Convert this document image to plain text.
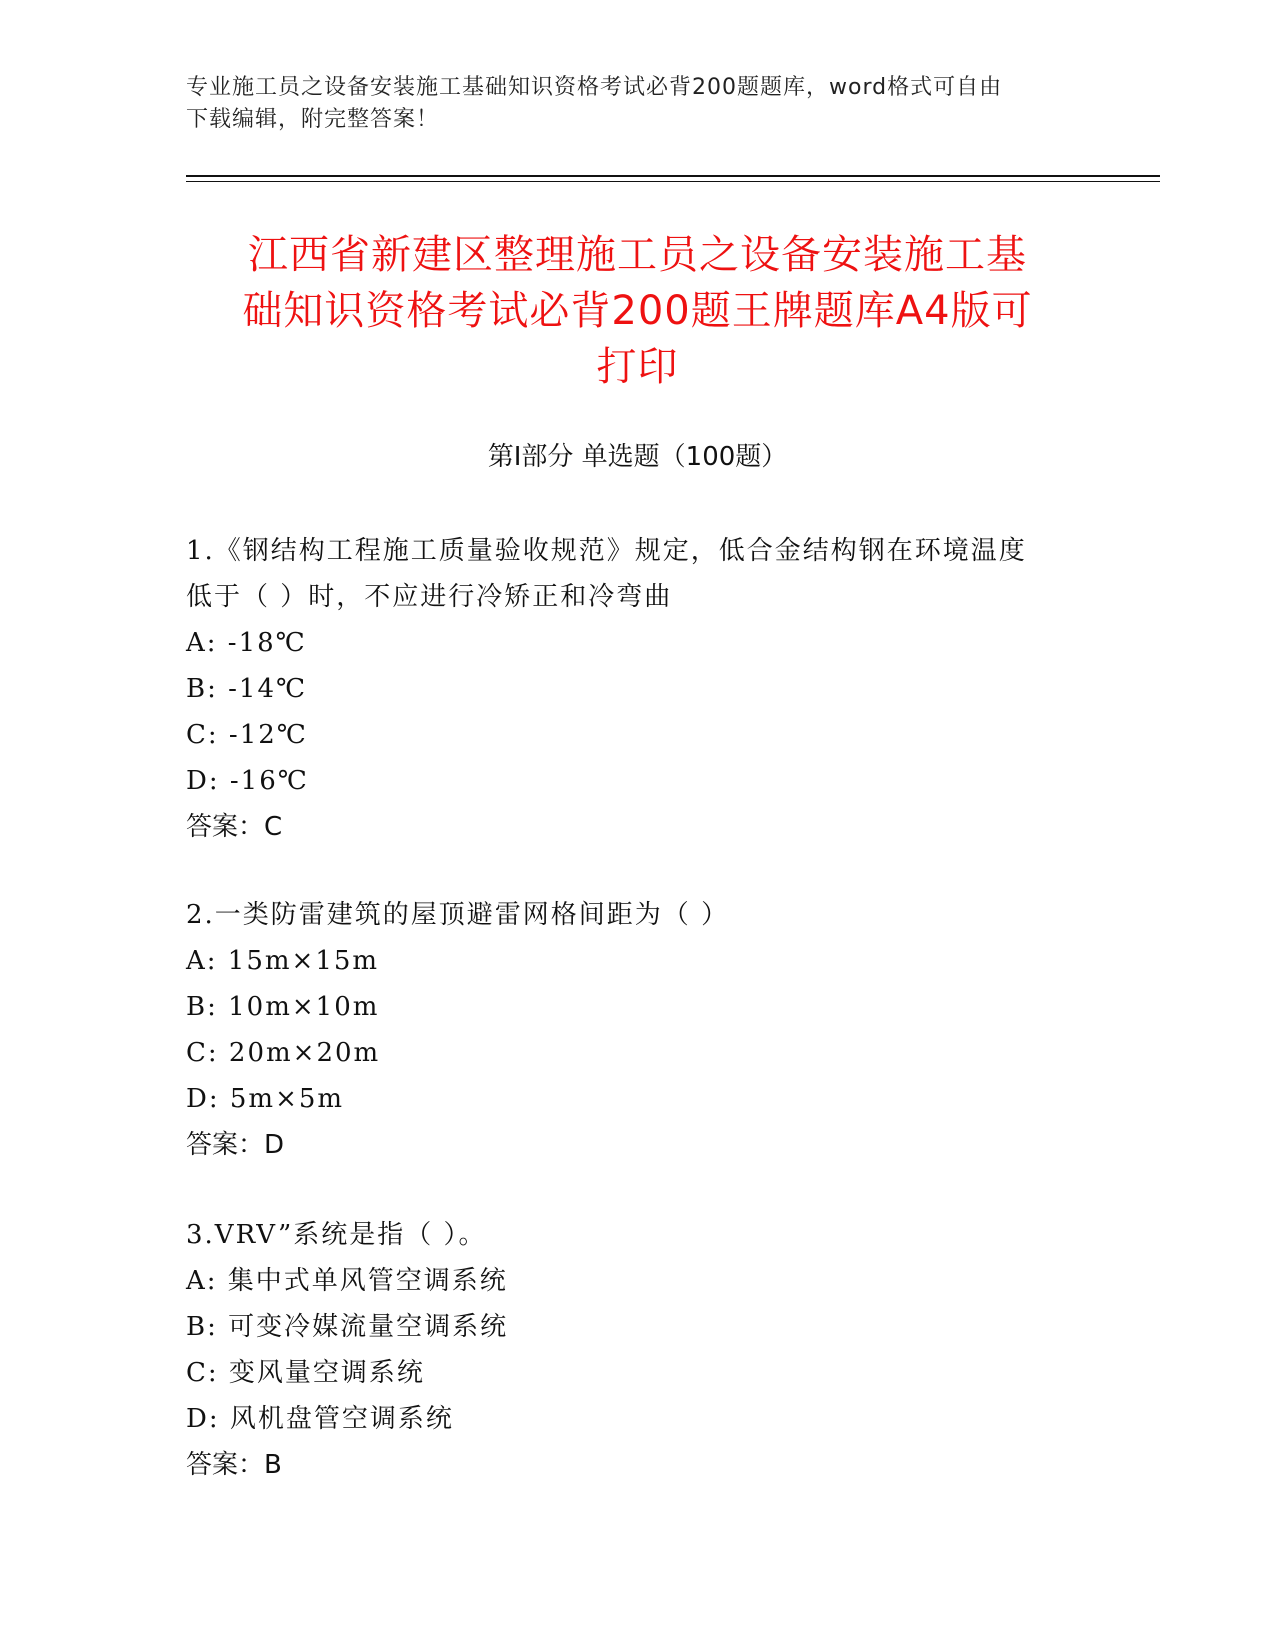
专业施工员之设备安装施工基础知识资格考试必背200题题库，word格式可自由
下载编辑，附完整答案！
江西省新建区整理施工员之设备安装施工基
础知识资格考试必背200题王牌题库A4版可
打印
第Ⅰ部分 单选题（100题）
1.《钢结构工程施工质量验收规范》规定，低合金结构钢在环境温度
低于（ ）时，不应进行冷矫正和冷弯曲
A: -18℃
B: -14℃
C: -12℃
D: -16℃
答案：C
2.一类防雷建筑的屋顶避雷网格间距为（ ）
A: 15m×15m
B: 10m×10m
C: 20m×20m
D: 5m×5m
答案：D
3.VRV”系统是指（ ）。
A: 集中式单风管空调系统
B: 可变冷媒流量空调系统
C: 变风量空调系统
D: 风机盘管空调系统
答案：B
